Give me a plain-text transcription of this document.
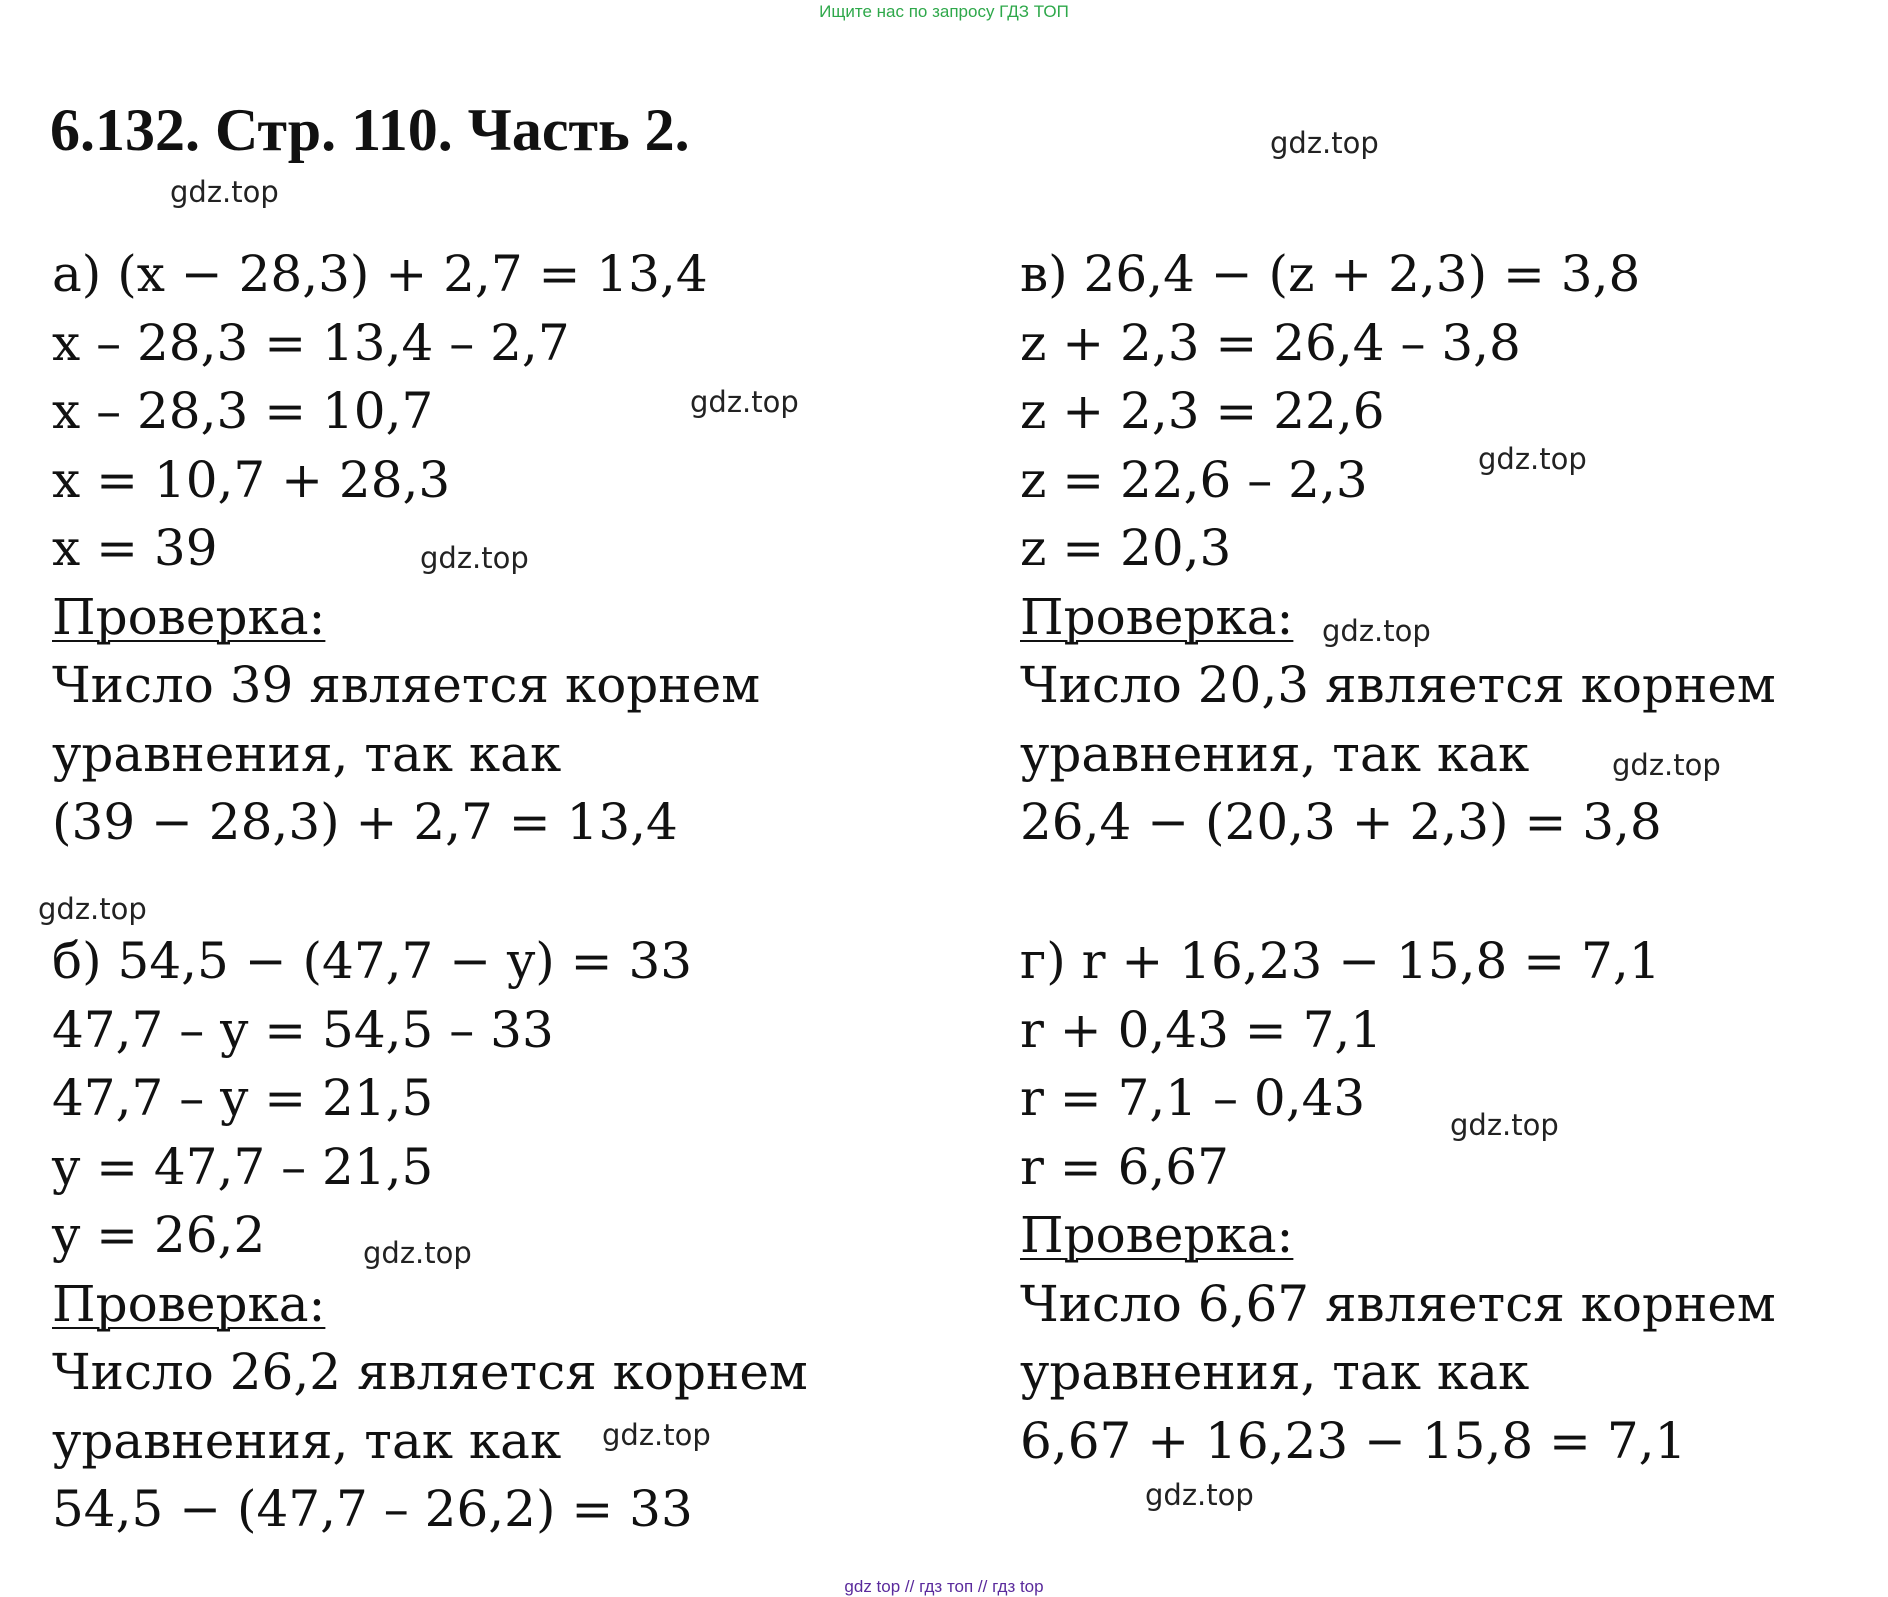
Ищите нас по запросу ГДЗ ТОП
6.132. Стр. 110. Часть 2.
а) (x − 28,3) + 2,7 = 13,4
x – 28,3 = 13,4 – 2,7
x – 28,3 = 10,7
x = 10,7 + 28,3
x = 39
Проверка:
Число 39 является корнем
уравнения, так как
(39 − 28,3) + 2,7 = 13,4
в) 26,4 − (z + 2,3) = 3,8
z + 2,3 = 26,4 – 3,8
z + 2,3 = 22,6
z = 22,6 – 2,3
z = 20,3
Проверка:
Число 20,3 является корнем
уравнения, так как
26,4 − (20,3 + 2,3) = 3,8
б) 54,5 − (47,7 − y) = 33
47,7 – y = 54,5 – 33
47,7 – y = 21,5
y = 47,7 – 21,5
y = 26,2
Проверка:
Число 26,2 является корнем
уравнения, так как
54,5 − (47,7 – 26,2) = 33
г) r + 16,23 − 15,8 = 7,1
r + 0,43 = 7,1
r = 7,1 – 0,43
r = 6,67
Проверка:
Число 6,67 является корнем
уравнения, так как
6,67 + 16,23 − 15,8 = 7,1
gdz.top
gdz.top
gdz.top
gdz.top
gdz.top
gdz.top
gdz.top
gdz.top
gdz.top
gdz.top
gdz.top
gdz.top
gdz top // гдз топ // гдз top
